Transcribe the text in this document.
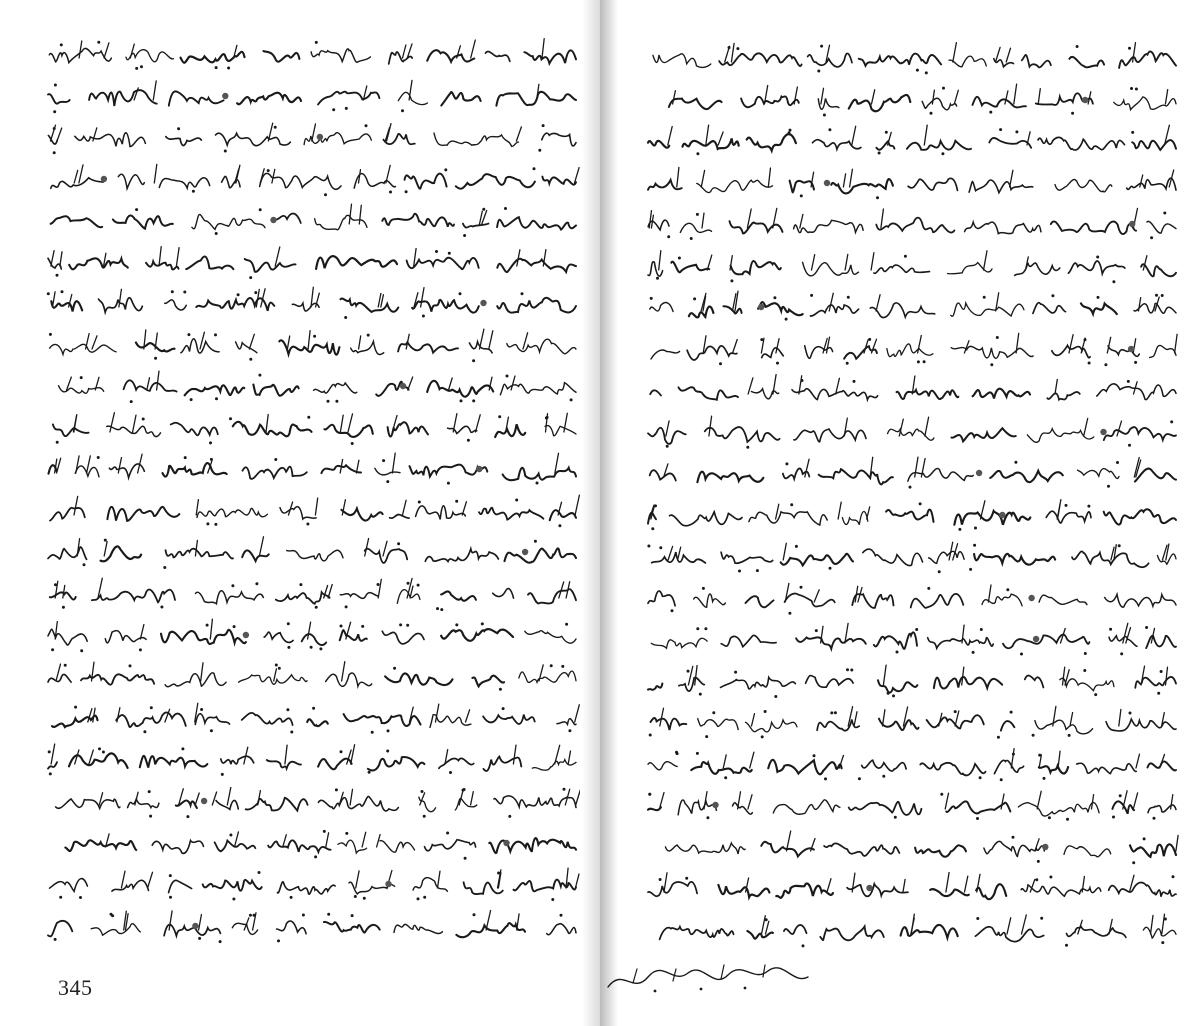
345
